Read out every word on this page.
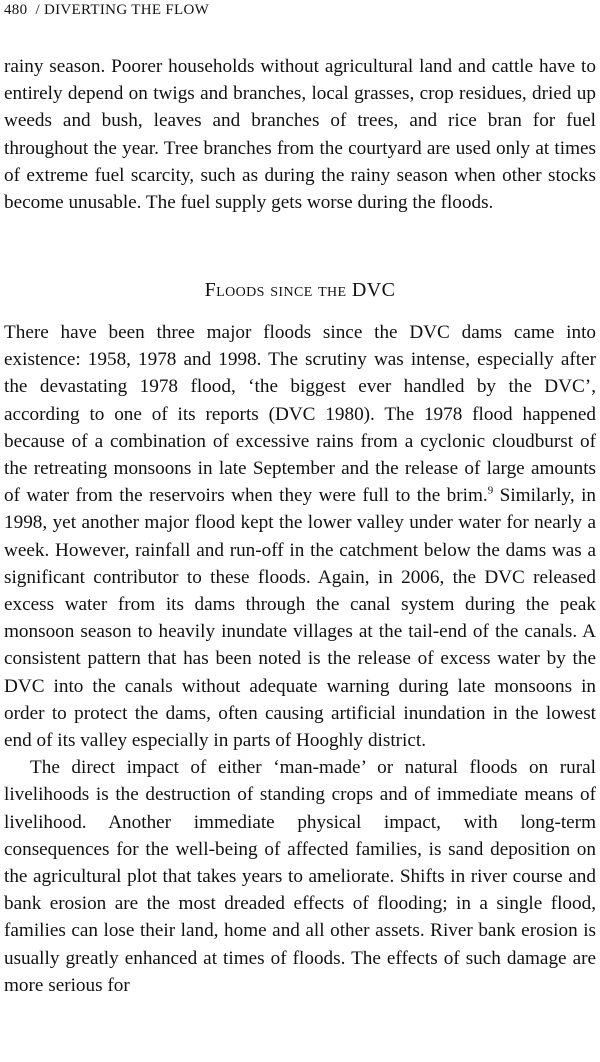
480 / DIVERTING THE FLOW

rainy season. Poorer households without agricultural land and cattle have to entirely depend on twigs and branches, local grasses, crop residues, dried up weeds and bush, leaves and branches of trees, and rice bran for fuel throughout the year. Tree branches from the courtyard are used only at times of extreme fuel scarcity, such as during the rainy season when other stocks become unusable. The fuel supply gets worse during the floods.

Floods since the DVC

There have been three major floods since the DVC dams came into existence: 1958, 1978 and 1998. The scrutiny was intense, especially after the devastating 1978 flood, ‘the biggest ever handled by the DVC’, according to one of its reports (DVC 1980). The 1978 flood happened because of a combination of excessive rains from a cyclonic cloudburst of the retreating monsoons in late September and the release of large amounts of water from the reservoirs when they were full to the brim.$^9$ Similarly, in 1998, yet another major flood kept the lower valley under water for nearly a week. However, rainfall and run-off in the catchment below the dams was a significant contributor to these floods. Again, in 2006, the DVC released excess water from its dams through the canal system during the peak monsoon season to heavily inundate villages at the tail-end of the canals. A consistent pattern that has been noted is the release of excess water by the DVC into the canals without adequate warning during late monsoons in order to protect the dams, often causing artificial inundation in the lowest end of its valley especially in parts of Hooghly district.

The direct impact of either ‘man-made’ or natural floods on rural livelihoods is the destruction of standing crops and of immediate means of livelihood. Another immediate physical impact, with long-term consequences for the well-being of affected families, is sand deposition on the agricultural plot that takes years to ameliorate. Shifts in river course and bank erosion are the most dreaded effects of flooding; in a single flood, families can lose their land, home and all other assets. River bank erosion is usually greatly enhanced at times of floods. The effects of such damage are more serious for
